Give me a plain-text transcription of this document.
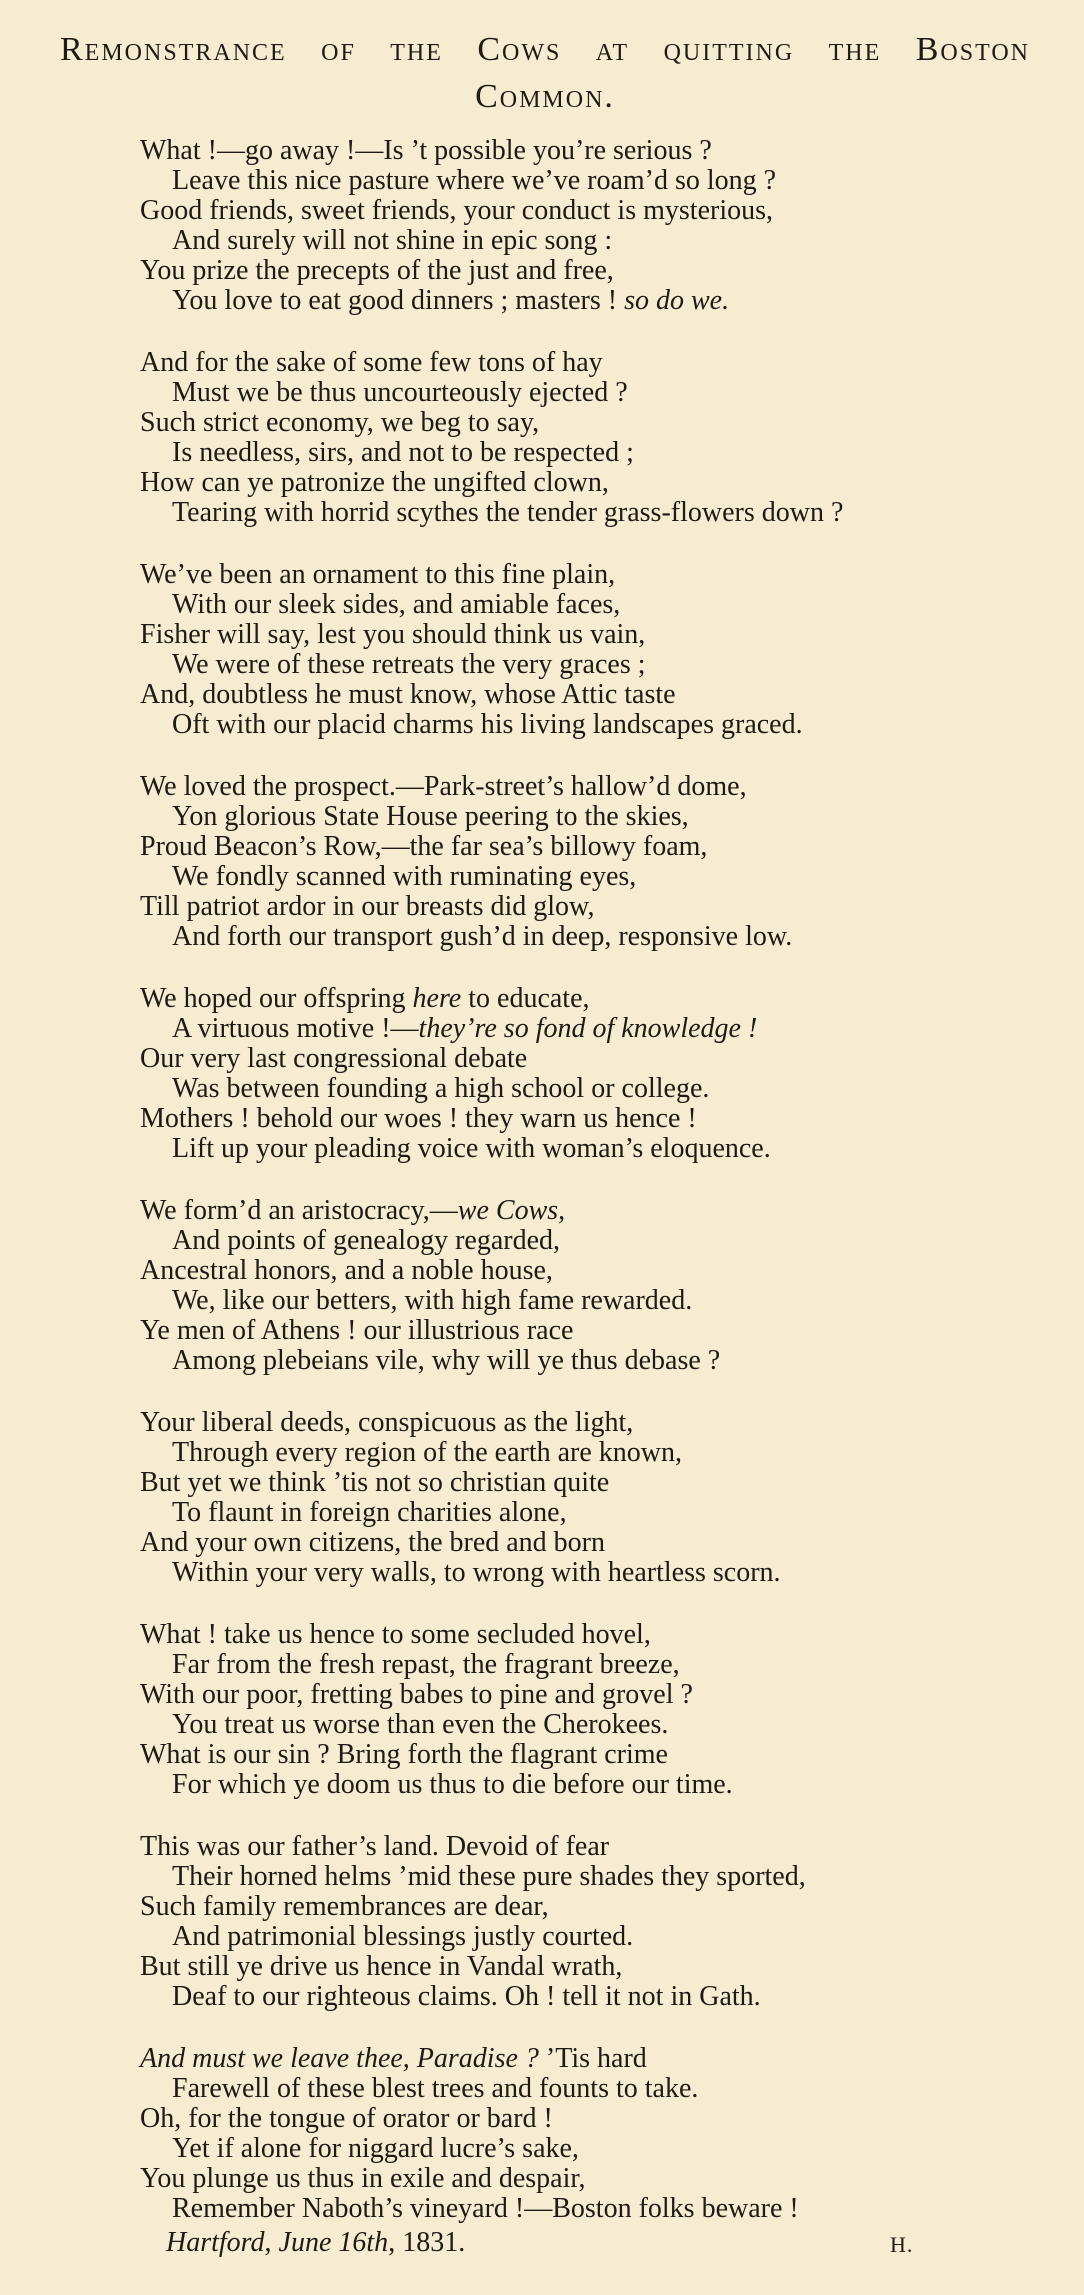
Remonstrance of the Cows at quitting the Boston
Common.
What !—go away !—Is ’t possible you’re serious ?
Leave this nice pasture where we’ve roam’d so long ?
Good friends, sweet friends, your conduct is mysterious,
And surely will not shine in epic song :
You prize the precepts of the just and free,
You love to eat good dinners ; masters ! so do we.
And for the sake of some few tons of hay
Must we be thus uncourteously ejected ?
Such strict economy, we beg to say,
Is needless, sirs, and not to be respected ;
How can ye patronize the ungifted clown,
Tearing with horrid scythes the tender grass-flowers down ?
We’ve been an ornament to this fine plain,
With our sleek sides, and amiable faces,
Fisher will say, lest you should think us vain,
We were of these retreats the very graces ;
And, doubtless he must know, whose Attic taste
Oft with our placid charms his living landscapes graced.
We loved the prospect.—Park-street’s hallow’d dome,
Yon glorious State House peering to the skies,
Proud Beacon’s Row,—the far sea’s billowy foam,
We fondly scanned with ruminating eyes,
Till patriot ardor in our breasts did glow,
And forth our transport gush’d in deep, responsive low.
We hoped our offspring here to educate,
A virtuous motive !—they’re so fond of knowledge !
Our very last congressional debate
Was between founding a high school or college.
Mothers ! behold our woes ! they warn us hence !
Lift up your pleading voice with woman’s eloquence.
We form’d an aristocracy,—we Cows,
And points of genealogy regarded,
Ancestral honors, and a noble house,
We, like our betters, with high fame rewarded.
Ye men of Athens ! our illustrious race
Among plebeians vile, why will ye thus debase ?
Your liberal deeds, conspicuous as the light,
Through every region of the earth are known,
But yet we think ’tis not so christian quite
To flaunt in foreign charities alone,
And your own citizens, the bred and born
Within your very walls, to wrong with heartless scorn.
What ! take us hence to some secluded hovel,
Far from the fresh repast, the fragrant breeze,
With our poor, fretting babes to pine and grovel ?
You treat us worse than even the Cherokees.
What is our sin ? Bring forth the flagrant crime
For which ye doom us thus to die before our time.
This was our father’s land. Devoid of fear
Their horned helms ’mid these pure shades they sported,
Such family remembrances are dear,
And patrimonial blessings justly courted.
But still ye drive us hence in Vandal wrath,
Deaf to our righteous claims. Oh ! tell it not in Gath.
And must we leave thee, Paradise ? ’Tis hard
Farewell of these blest trees and founts to take.
Oh, for the tongue of orator or bard !
Yet if alone for niggard lucre’s sake,
You plunge us thus in exile and despair,
Remember Naboth’s vineyard !—Boston folks beware !
Hartford, June 16th, 1831.	H.
